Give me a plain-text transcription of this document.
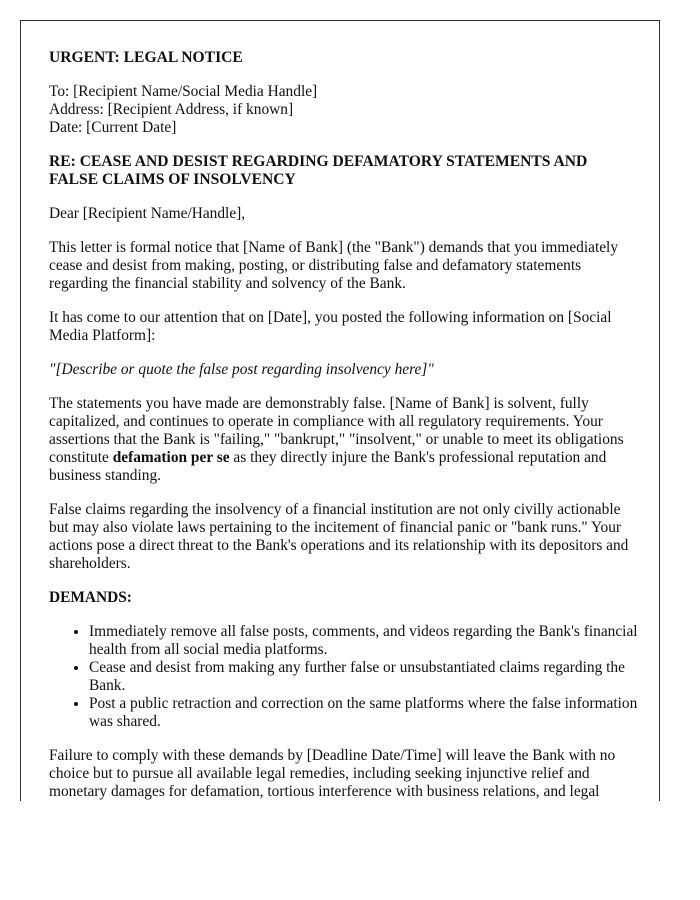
URGENT: LEGAL NOTICE
To: [Recipient Name/Social Media Handle]
Address: [Recipient Address, if known]
Date: [Current Date]
RE: CEASE AND DESIST REGARDING DEFAMATORY STATEMENTS AND FALSE CLAIMS OF INSOLVENCY

Dear [Recipient Name/Handle],

This letter is formal notice that [Name of Bank] (the "Bank") demands that you immediately cease and desist from making, posting, or distributing false and defamatory statements regarding the financial stability and solvency of the Bank.

It has come to our attention that on [Date], you posted the following information on [Social Media Platform]:

"[Describe or quote the false post regarding insolvency here]"

The statements you have made are demonstrably false. [Name of Bank] is solvent, fully capitalized, and continues to operate in compliance with all regulatory requirements. Your assertions that the Bank is "failing," "bankrupt," "insolvent," or unable to meet its obligations constitute defamation per se as they directly injure the Bank's professional reputation and business standing.

False claims regarding the insolvency of a financial institution are not only civilly actionable but may also violate laws pertaining to the incitement of financial panic or "bank runs." Your actions pose a direct threat to the Bank's operations and its relationship with its depositors and shareholders.

DEMANDS:
• Immediately remove all false posts, comments, and videos regarding the Bank's financial health from all social media platforms.
• Cease and desist from making any further false or unsubstantiated claims regarding the Bank.
• Post a public retraction and correction on the same platforms where the false information was shared.

Failure to comply with these demands by [Deadline Date/Time] will leave the Bank with no choice but to pursue all available legal remedies, including seeking injunctive relief and monetary damages for defamation, tortious interference with business relations, and legal
